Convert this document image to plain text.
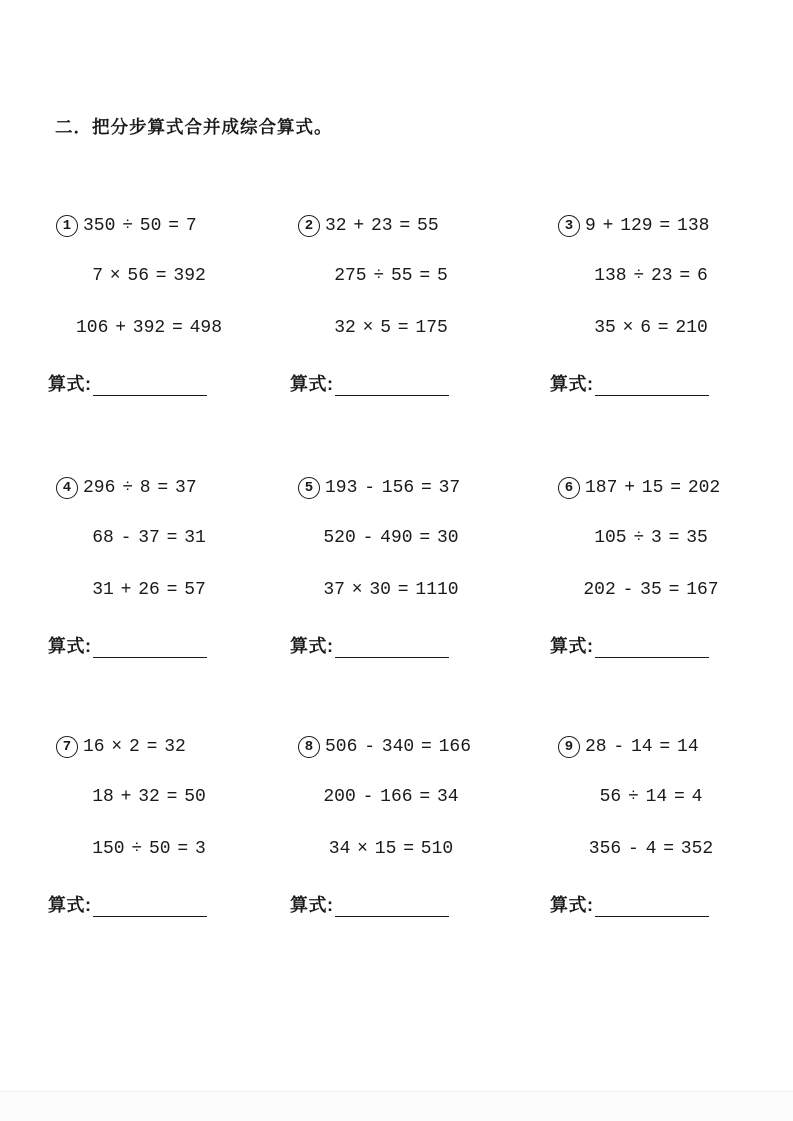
二．把分步算式合并成综合算式。
1 350 ÷ 50 = 7
7 × 56 = 392
106 + 392 = 498
算式:
2 32 + 23 = 55
275 ÷ 55 = 5
32 × 5 = 175
算式:
3 9 + 129 = 138
138 ÷ 23 = 6
35 × 6 = 210
算式:
4 296 ÷ 8 = 37
68 - 37 = 31
31 + 26 = 57
算式:
5 193 - 156 = 37
520 - 490 = 30
37 × 30 = 1110
算式:
6 187 + 15 = 202
105 ÷ 3 = 35
202 - 35 = 167
算式:
7 16 × 2 = 32
18 + 32 = 50
150 ÷ 50 = 3
算式:
8 506 - 340 = 166
200 - 166 = 34
34 × 15 = 510
算式:
9 28 - 14 = 14
56 ÷ 14 = 4
356 - 4 = 352
算式:
